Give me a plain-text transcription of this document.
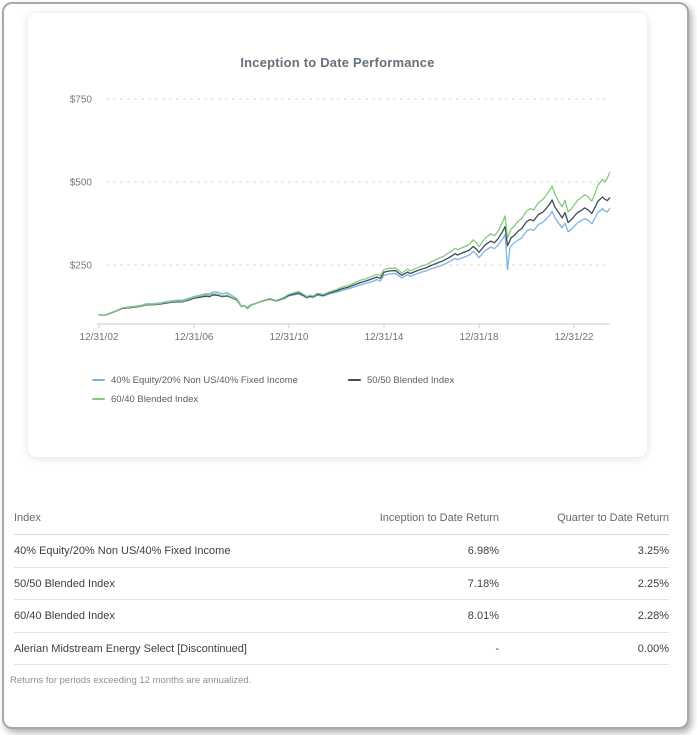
Inception to Date Performance
$750
$500
$250
12/31/02	12/31/06	12/31/10	12/31/14	12/31/18	12/31/22
40% Equity/20% Non US/40% Fixed Income	50/50 Blended Index
60/40 Blended Index
Index	Inception to Date Return	Quarter to Date Return
40% Equity/20% Non US/40% Fixed Income	6.98%	3.25%
50/50 Blended Index	7.18%	2.25%
60/40 Blended Index	8.01%	2.28%
Alerian Midstream Energy Select [Discontinued]	-	0.00%
Returns for periods exceeding 12 months are annualized.
